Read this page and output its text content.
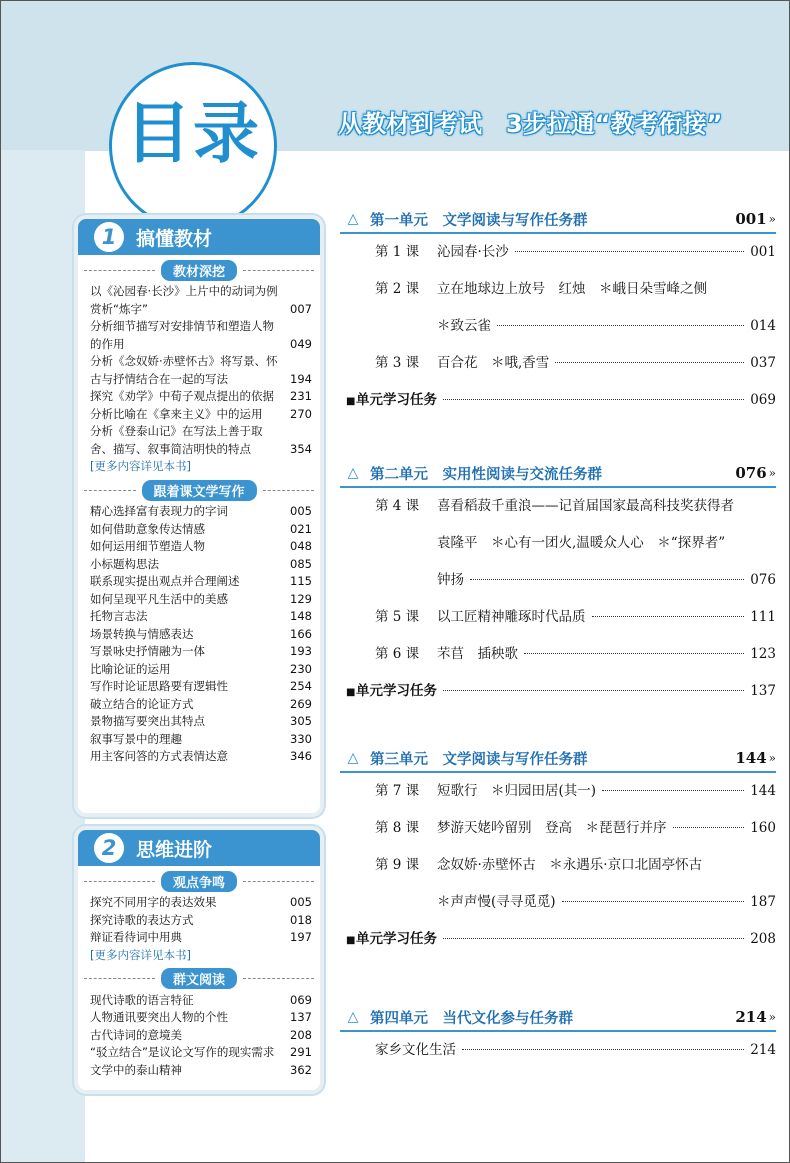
目录	从教材到考试　3步拉通“教考衔接”
1	搞懂教材
教材深挖
以《沁园春·长沙》上片中的动词为例赏析“炼字”	007
分析细节描写对安排情节和塑造人物的作用	049
分析《念奴娇·赤壁怀古》将写景、怀古与抒情结合在一起的写法	194
探究《劝学》中荀子观点提出的依据	231
分析比喻在《拿来主义》中的运用	270
分析《登泰山记》在写法上善于取舍、描写、叙事简洁明快的特点	354
[更多内容详见本书]
跟着课文学写作
精心选择富有表现力的字词	005
如何借助意象传达情感	021
如何运用细节塑造人物	048
小标题构思法	085
联系现实提出观点并合理阐述	115
如何呈现平凡生活中的美感	129
托物言志法	148
场景转换与情感表达	166
写景咏史抒情融为一体	193
比喻论证的运用	230
写作时论证思路要有逻辑性	254
破立结合的论证方式	269
景物描写要突出其特点	305
叙事写景中的理趣	330
用主客问答的方式表情达意	346
2	思维进阶
观点争鸣
探究不同用字的表达效果	005
探究诗歌的表达方式	018
辩证看待词中用典	197
[更多内容详见本书]
群文阅读
现代诗歌的语言特征	069
人物通讯要突出人物的个性	137
古代诗词的意境美	208
“驳立结合”是议论文写作的现实需求	291
文学中的泰山精神	362
△ 第一单元　文学阅读与写作任务群	001 »
第 1 课	沁园春·长沙	001
第 2 课	立在地球边上放号　红烛　＊峨日朵雪峰之侧
＊致云雀	014
第 3 课	百合花　＊哦,香雪	037
■ 单元学习任务	069
△ 第二单元　实用性阅读与交流任务群	076 »
第 4 课	喜看稻菽千重浪——记首届国家最高科技奖获得者
袁隆平　＊心有一团火,温暖众人心　＊“探界者”
钟扬	076
第 5 课	以工匠精神雕琢时代品质	111
第 6 课	芣苢　插秧歌	123
■ 单元学习任务	137
△ 第三单元　文学阅读与写作任务群	144 »
第 7 课	短歌行　＊归园田居(其一)	144
第 8 课	梦游天姥吟留别　登高　＊琵琶行并序	160
第 9 课	念奴娇·赤壁怀古　＊永遇乐·京口北固亭怀古
＊声声慢(寻寻觅觅)	187
■ 单元学习任务	208
△ 第四单元　当代文化参与任务群	214 »
家乡文化生活	214
